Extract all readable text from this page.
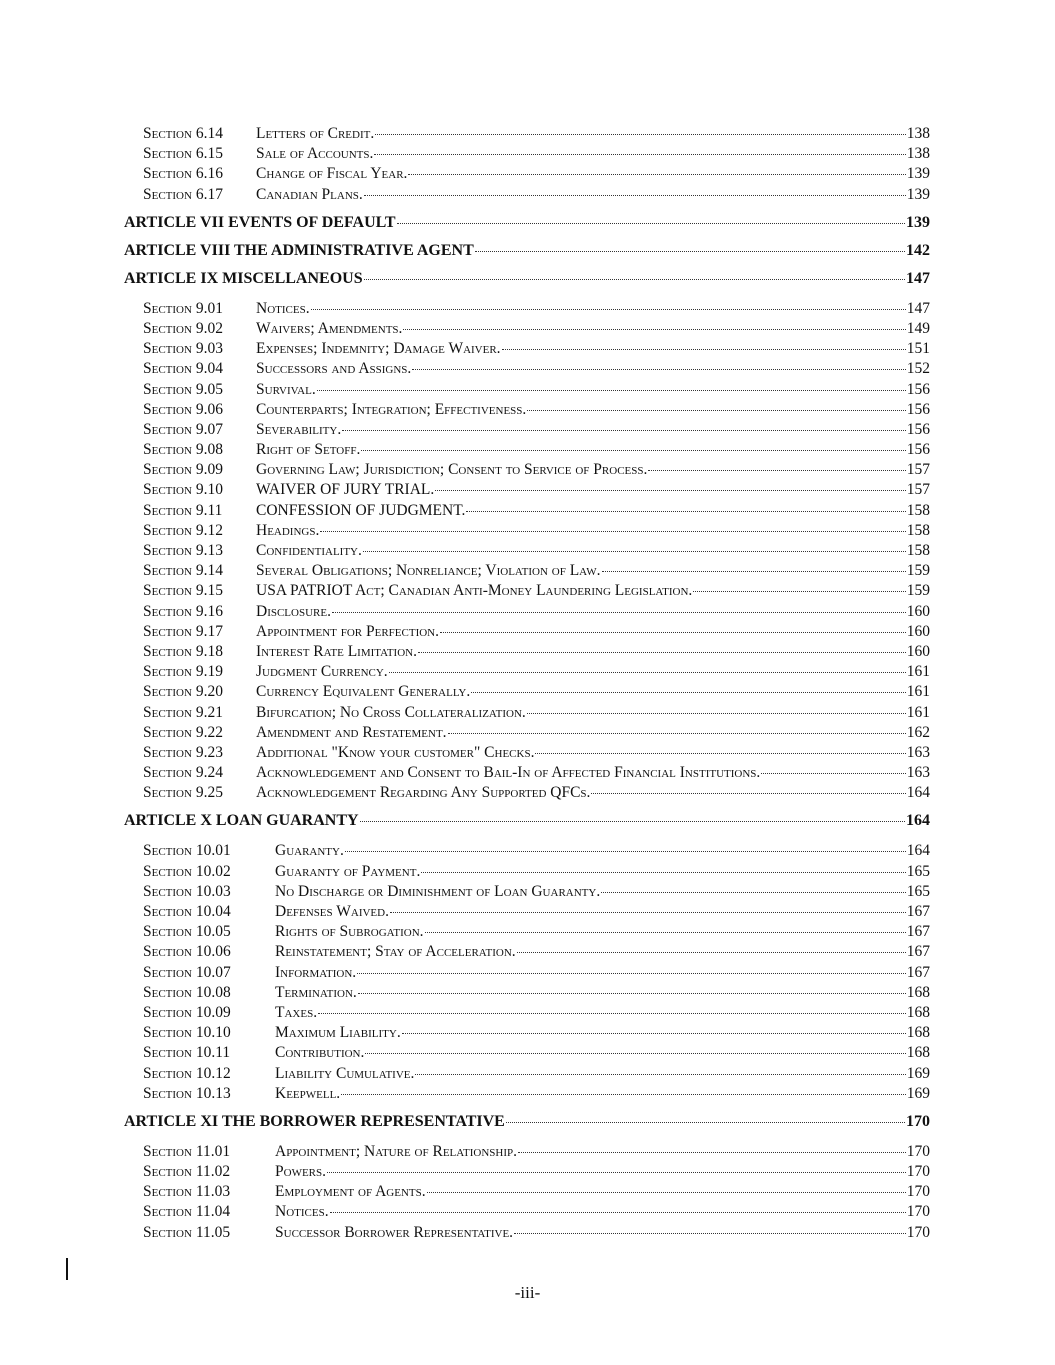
Section 6.14	Letters of Credit.	138
Section 6.15	Sale of Accounts.	138
Section 6.16	Change of Fiscal Year.	139
Section 6.17	Canadian Plans.	139
ARTICLE VII EVENTS OF DEFAULT	139
ARTICLE VIII THE ADMINISTRATIVE AGENT	142
ARTICLE IX MISCELLANEOUS	147
Section 9.01	Notices.	147
Section 9.02	Waivers; Amendments.	149
Section 9.03	Expenses; Indemnity; Damage Waiver.	151
Section 9.04	Successors and Assigns.	152
Section 9.05	Survival.	156
Section 9.06	Counterparts; Integration; Effectiveness.	156
Section 9.07	Severability.	156
Section 9.08	Right of Setoff.	156
Section 9.09	Governing Law; Jurisdiction; Consent to Service of Process.	157
Section 9.10	WAIVER OF JURY TRIAL.	157
Section 9.11	CONFESSION OF JUDGMENT.	158
Section 9.12	Headings.	158
Section 9.13	Confidentiality.	158
Section 9.14	Several Obligations; Nonreliance; Violation of Law.	159
Section 9.15	USA PATRIOT Act; Canadian Anti-Money Laundering Legislation.	159
Section 9.16	Disclosure.	160
Section 9.17	Appointment for Perfection.	160
Section 9.18	Interest Rate Limitation.	160
Section 9.19	Judgment Currency.	161
Section 9.20	Currency Equivalent Generally.	161
Section 9.21	Bifurcation; No Cross Collateralization.	161
Section 9.22	Amendment and Restatement.	162
Section 9.23	Additional "Know your customer" Checks.	163
Section 9.24	Acknowledgement and Consent to Bail-In of Affected Financial Institutions.	163
Section 9.25	Acknowledgement Regarding Any Supported QFCs.	164
ARTICLE X LOAN GUARANTY	164
Section 10.01	Guaranty.	164
Section 10.02	Guaranty of Payment.	165
Section 10.03	No Discharge or Diminishment of Loan Guaranty.	165
Section 10.04	Defenses Waived.	167
Section 10.05	Rights of Subrogation.	167
Section 10.06	Reinstatement; Stay of Acceleration.	167
Section 10.07	Information.	167
Section 10.08	Termination.	168
Section 10.09	Taxes.	168
Section 10.10	Maximum Liability.	168
Section 10.11	Contribution.	168
Section 10.12	Liability Cumulative.	169
Section 10.13	Keepwell.	169
ARTICLE XI THE BORROWER REPRESENTATIVE	170
Section 11.01	Appointment; Nature of Relationship.	170
Section 11.02	Powers.	170
Section 11.03	Employment of Agents.	170
Section 11.04	Notices.	170
Section 11.05	Successor Borrower Representative.	170
-iii-
